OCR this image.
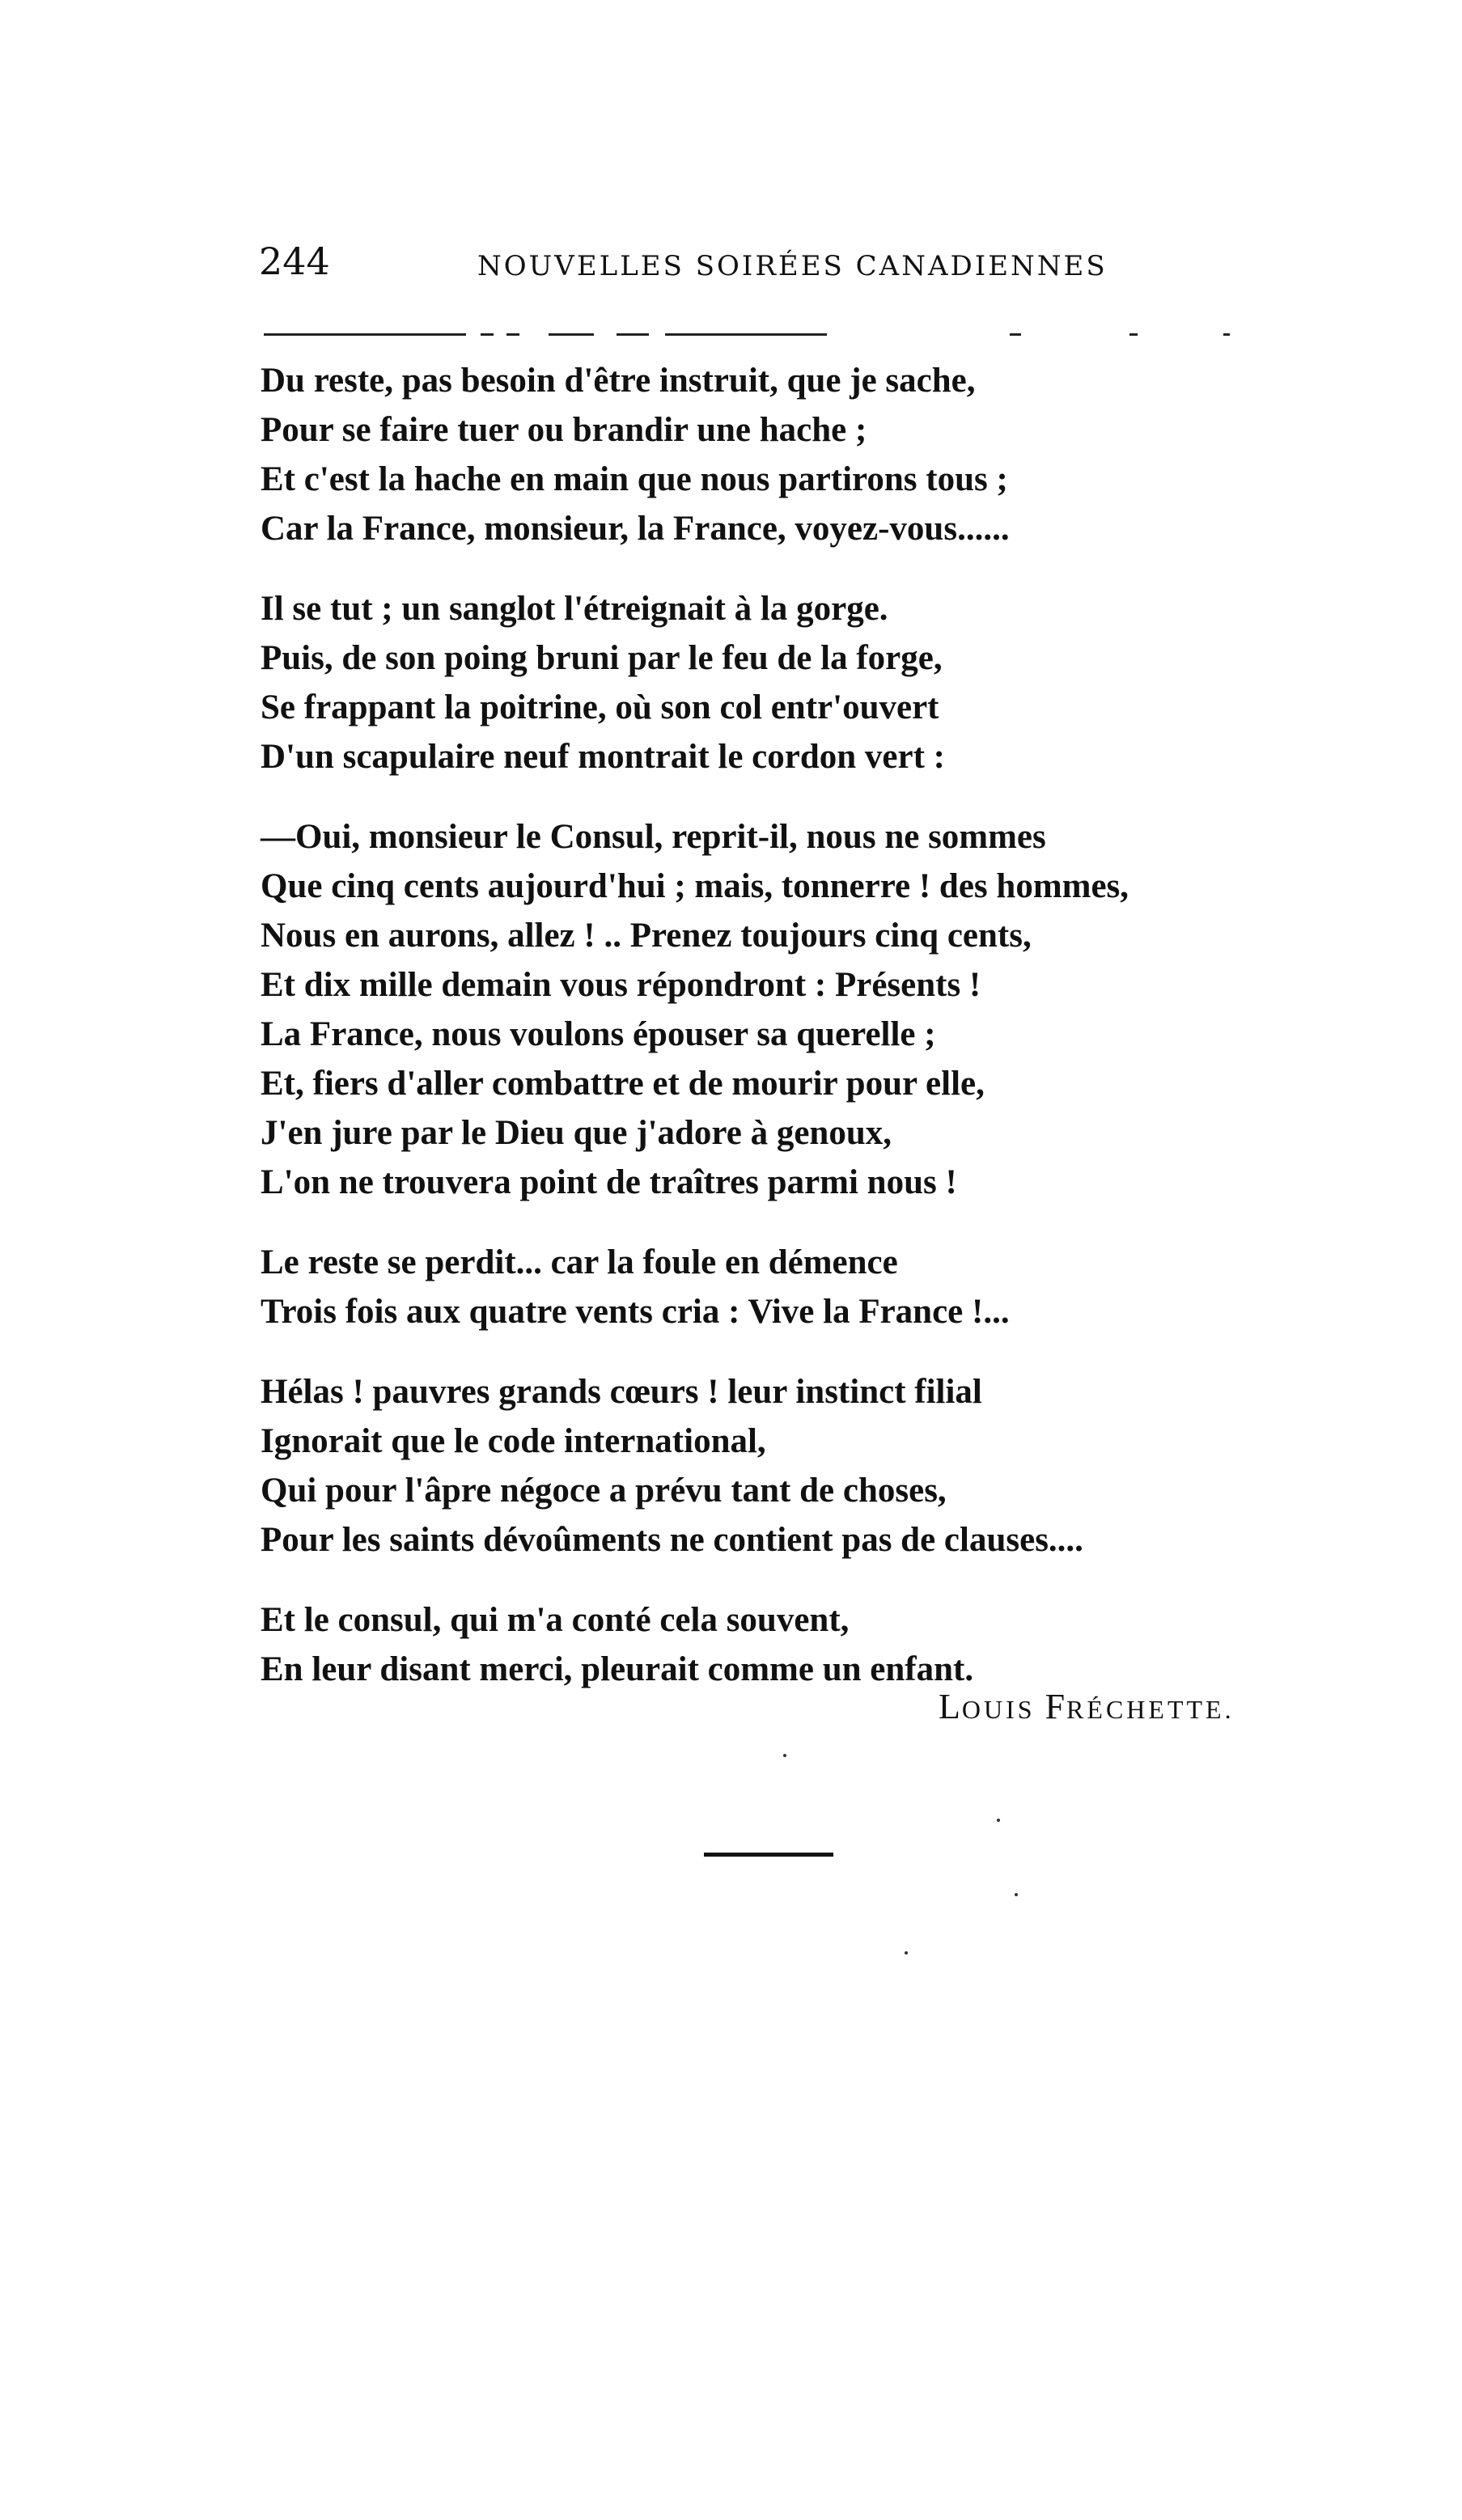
244	NOUVELLES SOIRÉES CANADIENNES
Du reste, pas besoin d'être instruit, que je sache,
Pour se faire tuer ou brandir une hache ;
Et c'est la hache en main que nous partirons tous ;
Car la France, monsieur, la France, voyez-vous......
Il se tut ; un sanglot l'étreignait à la gorge.
Puis, de son poing bruni par le feu de la forge,
Se frappant la poitrine, où son col entr'ouvert
D'un scapulaire neuf montrait le cordon vert :
—Oui, monsieur le Consul, reprit-il, nous ne sommes
Que cinq cents aujourd'hui ; mais, tonnerre ! des hommes,
Nous en aurons, allez ! .. Prenez toujours cinq cents,
Et dix mille demain vous répondront : Présents !
La France, nous voulons épouser sa querelle ;
Et, fiers d'aller combattre et de mourir pour elle,
J'en jure par le Dieu que j'adore à genoux,
L'on ne trouvera point de traîtres parmi nous !
Le reste se perdit... car la foule en démence
Trois fois aux quatre vents cria : Vive la France !...
Hélas ! pauvres grands cœurs ! leur instinct filial
Ignorait que le code international,
Qui pour l'âpre négoce a prévu tant de choses,
Pour les saints dévoûments ne contient pas de clauses....
Et le consul, qui m'a conté cela souvent,
En leur disant merci, pleurait comme un enfant.
LOUIS FRÉCHETTE.
